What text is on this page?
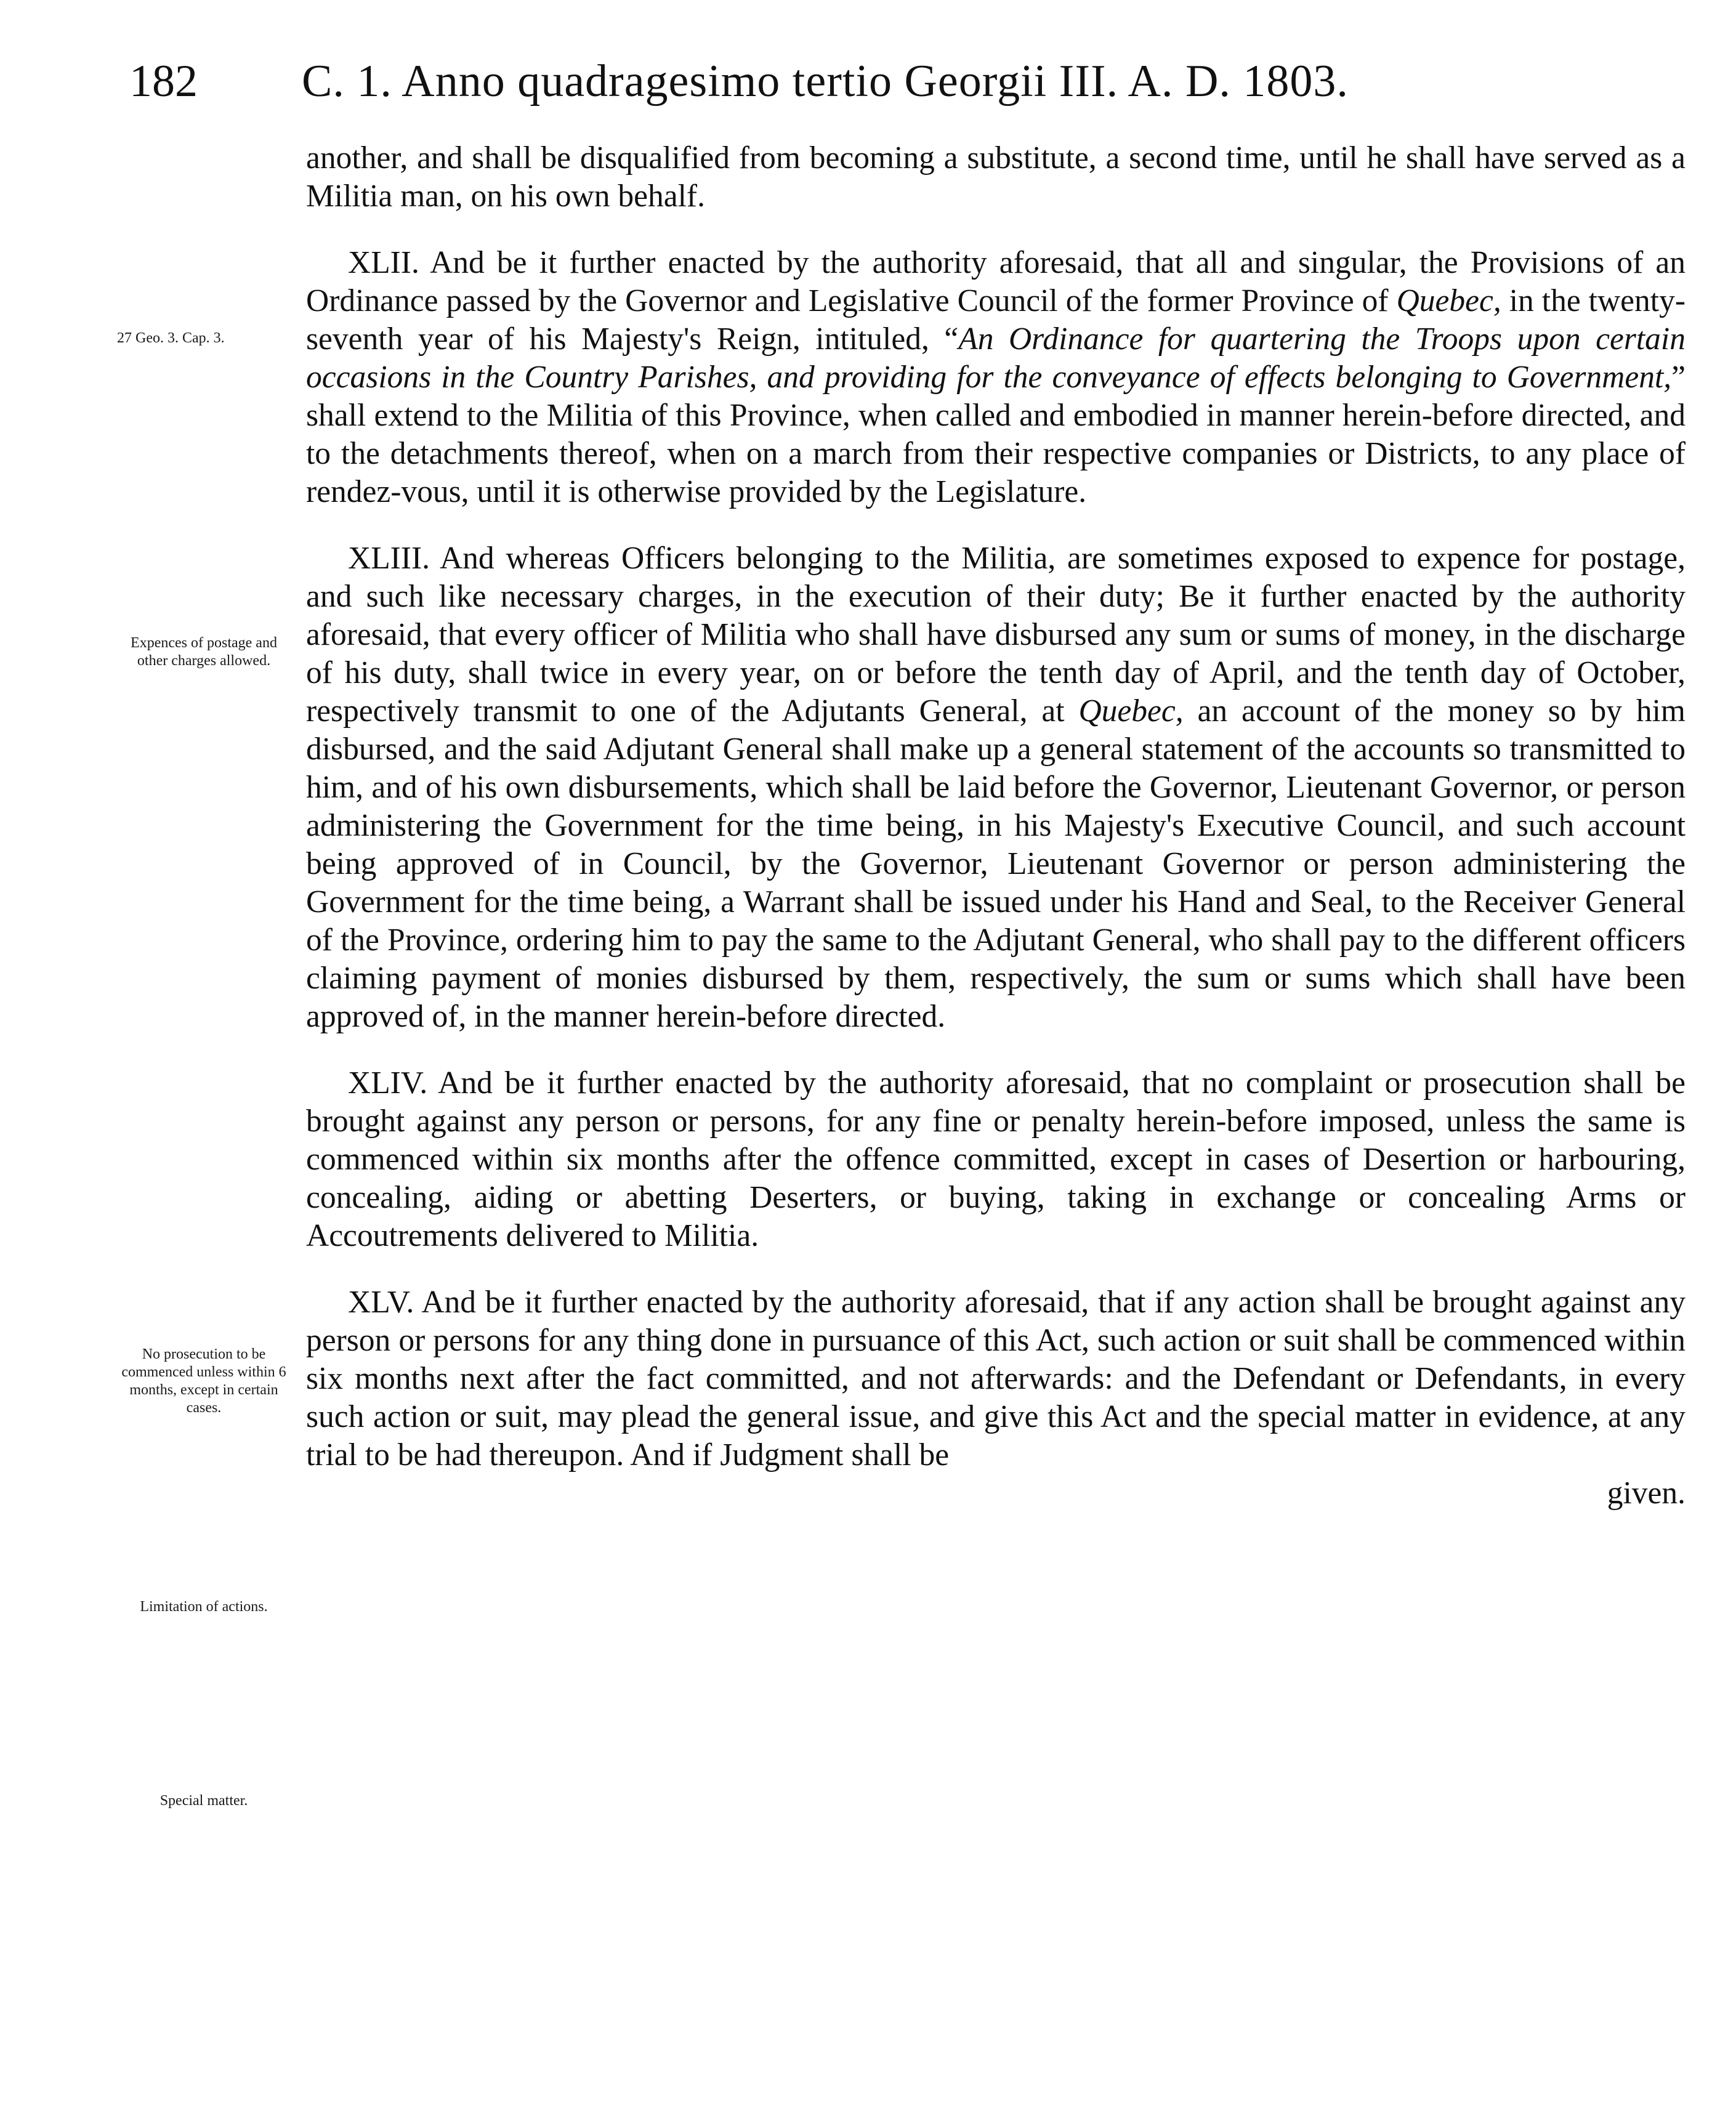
182 C. 1. Anno quadragesimo tertio Georgii III. A. D. 1803.
27 Geo. 3. Cap. 3.
Expences of postage and other charges allowed.
No prosecution to be commenced unless within 6 months, except in certain cases.
Limitation of actions.
Special matter.

another, and shall be disqualified from becoming a substitute, a second time, until he shall have served as a Militia man, on his own behalf.

XLII. And be it further enacted by the authority aforesaid, that all and singular, the Provisions of an Ordinance passed by the Governor and Legislative Council of the former Province of Quebec, in the twenty-seventh year of his Majesty's Reign, intituled, “An Ordinance for quartering the Troops upon certain occasions in the Country Parishes, and providing for the conveyance of effects belonging to Government,” shall extend to the Militia of this Province, when called and embodied in manner herein-before directed, and to the detachments thereof, when on a march from their respective companies or Districts, to any place of rendez-vous, until it is otherwise provided by the Legislature.

XLIII. And whereas Officers belonging to the Militia, are sometimes exposed to expence for postage, and such like necessary charges, in the execution of their duty; Be it further enacted by the authority aforesaid, that every officer of Militia who shall have disbursed any sum or sums of money, in the discharge of his duty, shall twice in every year, on or before the tenth day of April, and the tenth day of October, respectively transmit to one of the Adjutants General, at Quebec, an account of the money so by him disbursed, and the said Adjutant General shall make up a general statement of the accounts so transmitted to him, and of his own disbursements, which shall be laid before the Governor, Lieutenant Governor, or person administering the Government for the time being, in his Majesty's Executive Council, and such account being approved of in Council, by the Governor, Lieutenant Governor or person administering the Government for the time being, a Warrant shall be issued under his Hand and Seal, to the Receiver General of the Province, ordering him to pay the same to the Adjutant General, who shall pay to the different officers claiming payment of monies disbursed by them, respectively, the sum or sums which shall have been approved of, in the manner herein-before directed.

XLIV. And be it further enacted by the authority aforesaid, that no complaint or prosecution shall be brought against any person or persons, for any fine or penalty herein-before imposed, unless the same is commenced within six months after the offence committed, except in cases of Desertion or harbouring, concealing, aiding or abetting Deserters, or buying, taking in exchange or concealing Arms or Accoutrements delivered to Militia.

XLV. And be it further enacted by the authority aforesaid, that if any action shall be brought against any person or persons for any thing done in pursuance of this Act, such action or suit shall be commenced within six months next after the fact committed, and not afterwards: and the Defendant or Defendants, in every such action or suit, may plead the general issue, and give this Act and the special matter in evidence, at any trial to be had thereupon. And if Judgment shall be

given.
